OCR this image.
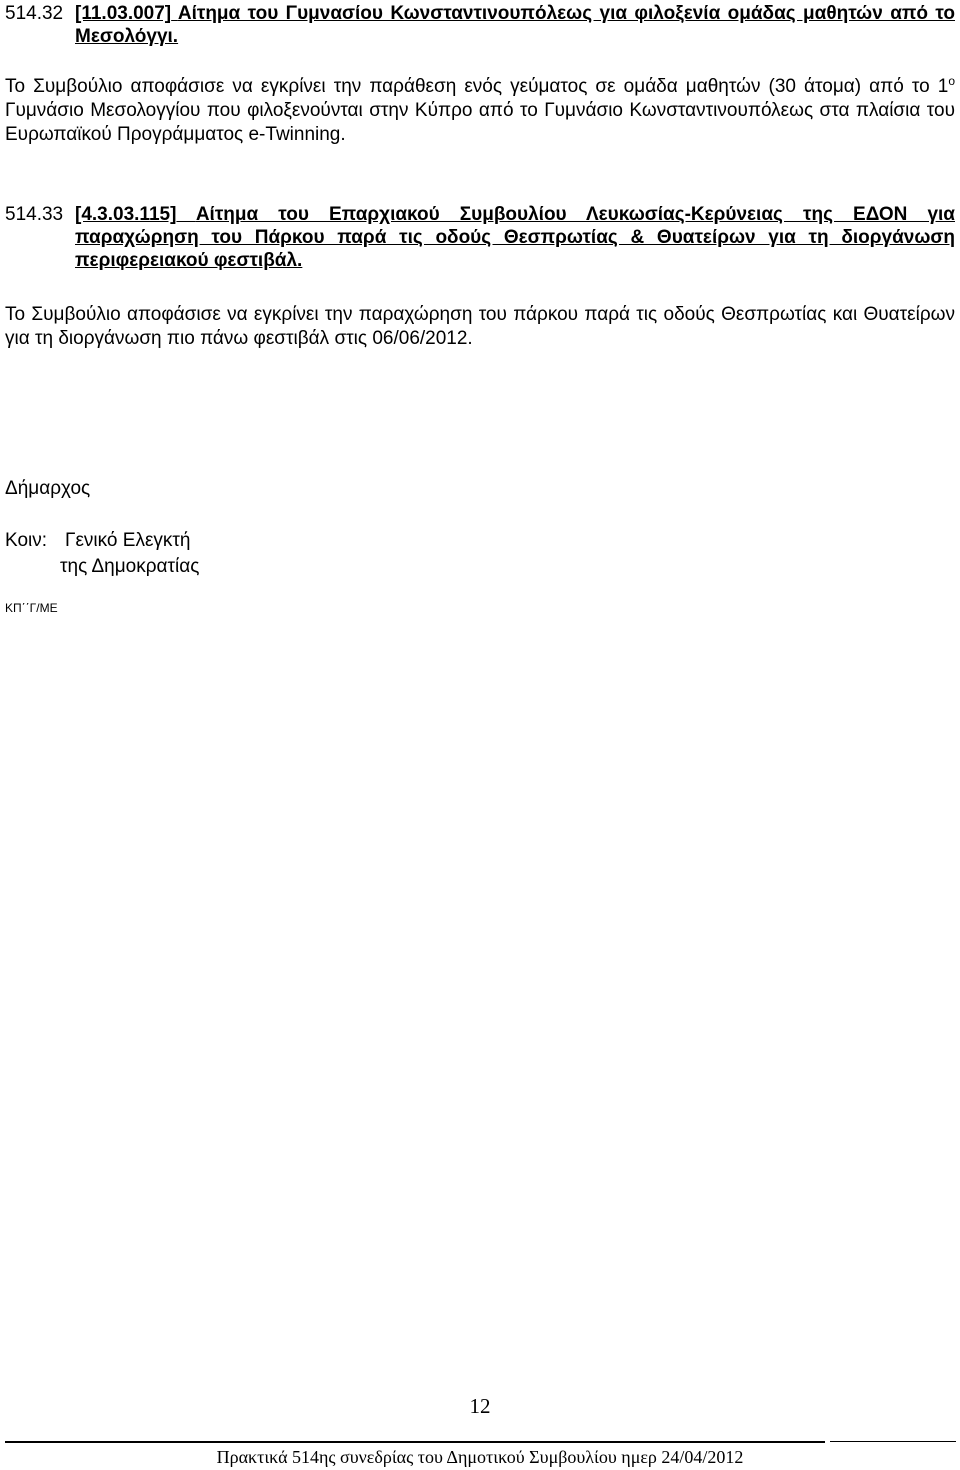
514.32 [11.03.007] Αίτημα του Γυμνασίου Κωνσταντινουπόλεως για φιλοξενία ομάδας μαθητών από το Μεσολόγγι.
Το Συμβούλιο αποφάσισε να εγκρίνει την παράθεση ενός γεύματος σε ομάδα μαθητών (30 άτομα) από το $1^o$ Γυμνάσιο Μεσολογγίου που φιλοξενούνται στην Κύπρο από το Γυμνάσιο Κωνσταντινουπόλεως στα πλαίσια του Ευρωπαϊκού Προγράμματος e-Twinning.
514.33 [4.3.03.115] Αίτημα του Επαρχιακού Συμβουλίου Λευκωσίας-Κερύνειας της ΕΔΟΝ για παραχώρηση του Πάρκου παρά τις οδούς Θεσπρωτίας & Θυατείρων για τη διοργάνωση περιφερειακού φεστιβάλ.
Το Συμβούλιο αποφάσισε να εγκρίνει την παραχώρηση του πάρκου παρά τις οδούς Θεσπρωτίας και Θυατείρων για τη διοργάνωση πιο πάνω φεστιβάλ στις 06/06/2012.
Δήμαρχος
Κοιν: Γενικό Ελεγκτή
της Δημοκρατίας
ΚΠ΄΄Γ/ΜΕ
12
Πρακτικά 514ης συνεδρίας του Δημοτικού Συμβουλίου ημερ 24/04/2012
